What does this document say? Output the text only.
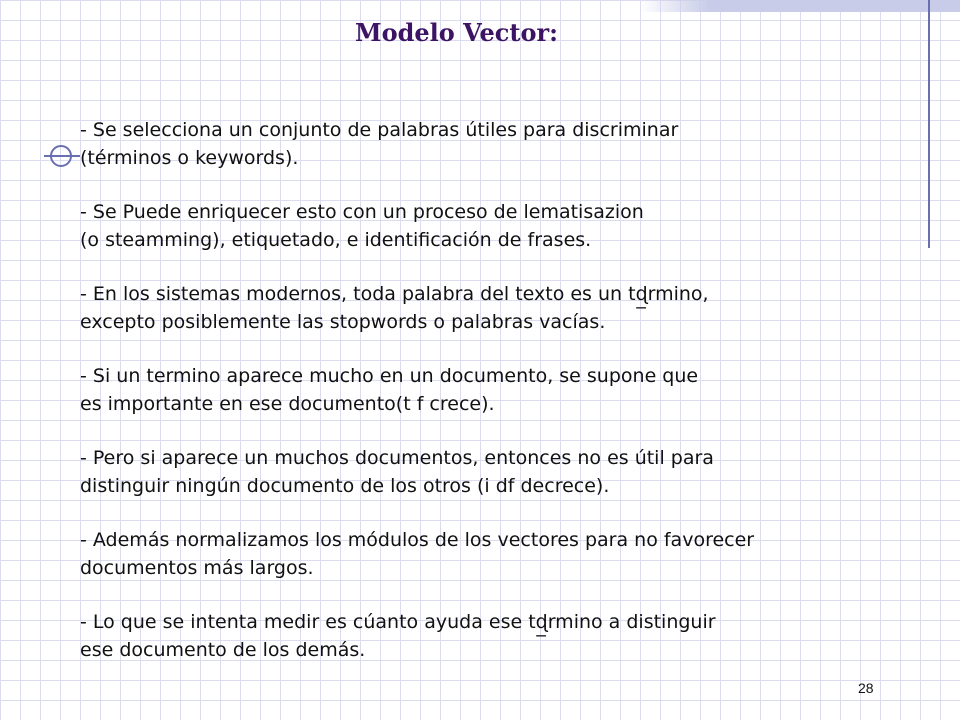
Modelo Vector:

- Se selecciona un conjunto de palabras útiles para discriminar
(términos o keywords).

- Se Puede enriquecer esto con un proceso de lematisazion
(o steamming), etiquetado, e identificación de frases.

- En los sistemas modernos, toda palabra del texto es un tɖ̲rmino,
excepto posiblemente las stopwords o palabras vacías.

- Si un termino aparece mucho en un documento, se supone que
es importante en ese documento(t f crece).

- Pero si aparece un muchos documentos, entonces no es útil para
distinguir ningún documento de los otros (i df decrece).

- Además normalizamos los módulos de los vectores para no favorecer
documentos más largos.

- Lo que se intenta medir es cúanto ayuda ese tɖ̲rmino a distinguir
ese documento de los demás.

28
